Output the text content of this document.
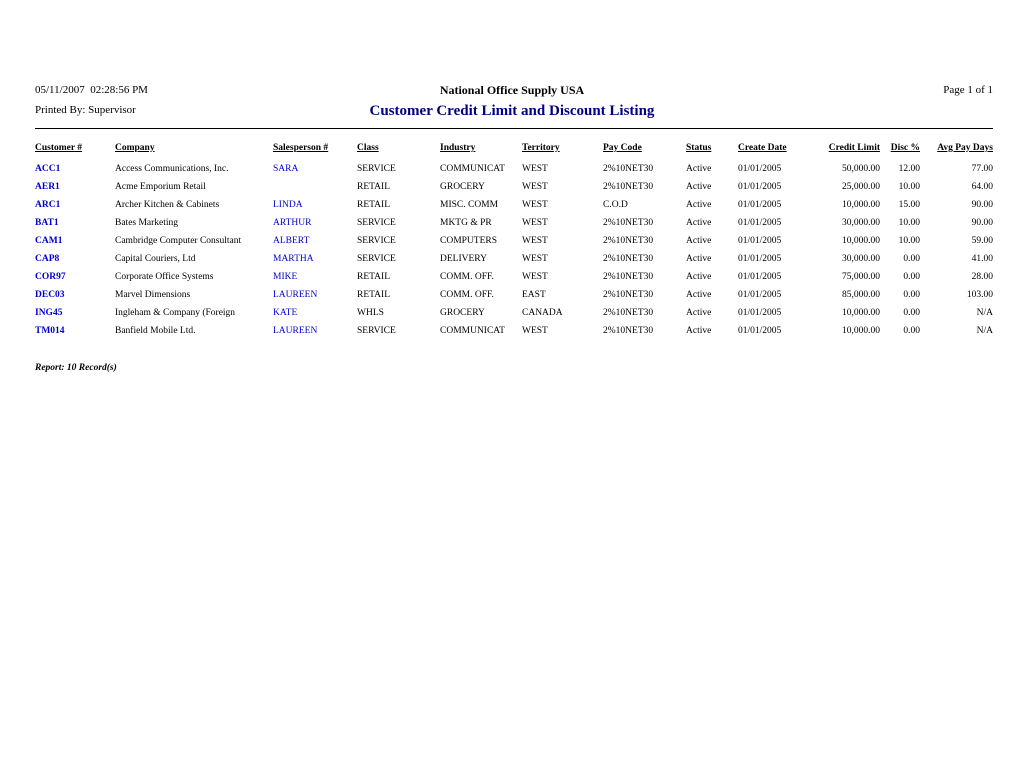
05/11/2007  02:28:56 PM
Printed By: Supervisor
National Office Supply USA
Customer Credit Limit and Discount Listing
Page 1 of 1
Customer #	Company	Salesperson #	Class	Industry	Territory	Pay Code	Status	Create Date	Credit Limit	Disc %	Avg Pay Days
ACC1	Access Communications, Inc.	SARA	SERVICE	COMMUNICAT	WEST	2%10NET30	Active	01/01/2005	50,000.00	12.00	77.00
AER1	Acme Emporium Retail		RETAIL	GROCERY	WEST	2%10NET30	Active	01/01/2005	25,000.00	10.00	64.00
ARC1	Archer Kitchen & Cabinets	LINDA	RETAIL	MISC. COMM	WEST	C.O.D	Active	01/01/2005	10,000.00	15.00	90.00
BAT1	Bates Marketing	ARTHUR	SERVICE	MKTG & PR	WEST	2%10NET30	Active	01/01/2005	30,000.00	10.00	90.00
CAM1	Cambridge Computer Consultant	ALBERT	SERVICE	COMPUTERS	WEST	2%10NET30	Active	01/01/2005	10,000.00	10.00	59.00
CAP8	Capital Couriers, Ltd	MARTHA	SERVICE	DELIVERY	WEST	2%10NET30	Active	01/01/2005	30,000.00	0.00	41.00
COR97	Corporate Office Systems	MIKE	RETAIL	COMM. OFF.	WEST	2%10NET30	Active	01/01/2005	75,000.00	0.00	28.00
DEC03	Marvel Dimensions	LAUREEN	RETAIL	COMM. OFF.	EAST	2%10NET30	Active	01/01/2005	85,000.00	0.00	103.00
ING45	Ingleham & Company (Foreign	KATE	WHLS	GROCERY	CANADA	2%10NET30	Active	01/01/2005	10,000.00	0.00	N/A
TM014	Banfield Mobile Ltd.	LAUREEN	SERVICE	COMMUNICAT	WEST	2%10NET30	Active	01/01/2005	10,000.00	0.00	N/A
Report: 10 Record(s)
